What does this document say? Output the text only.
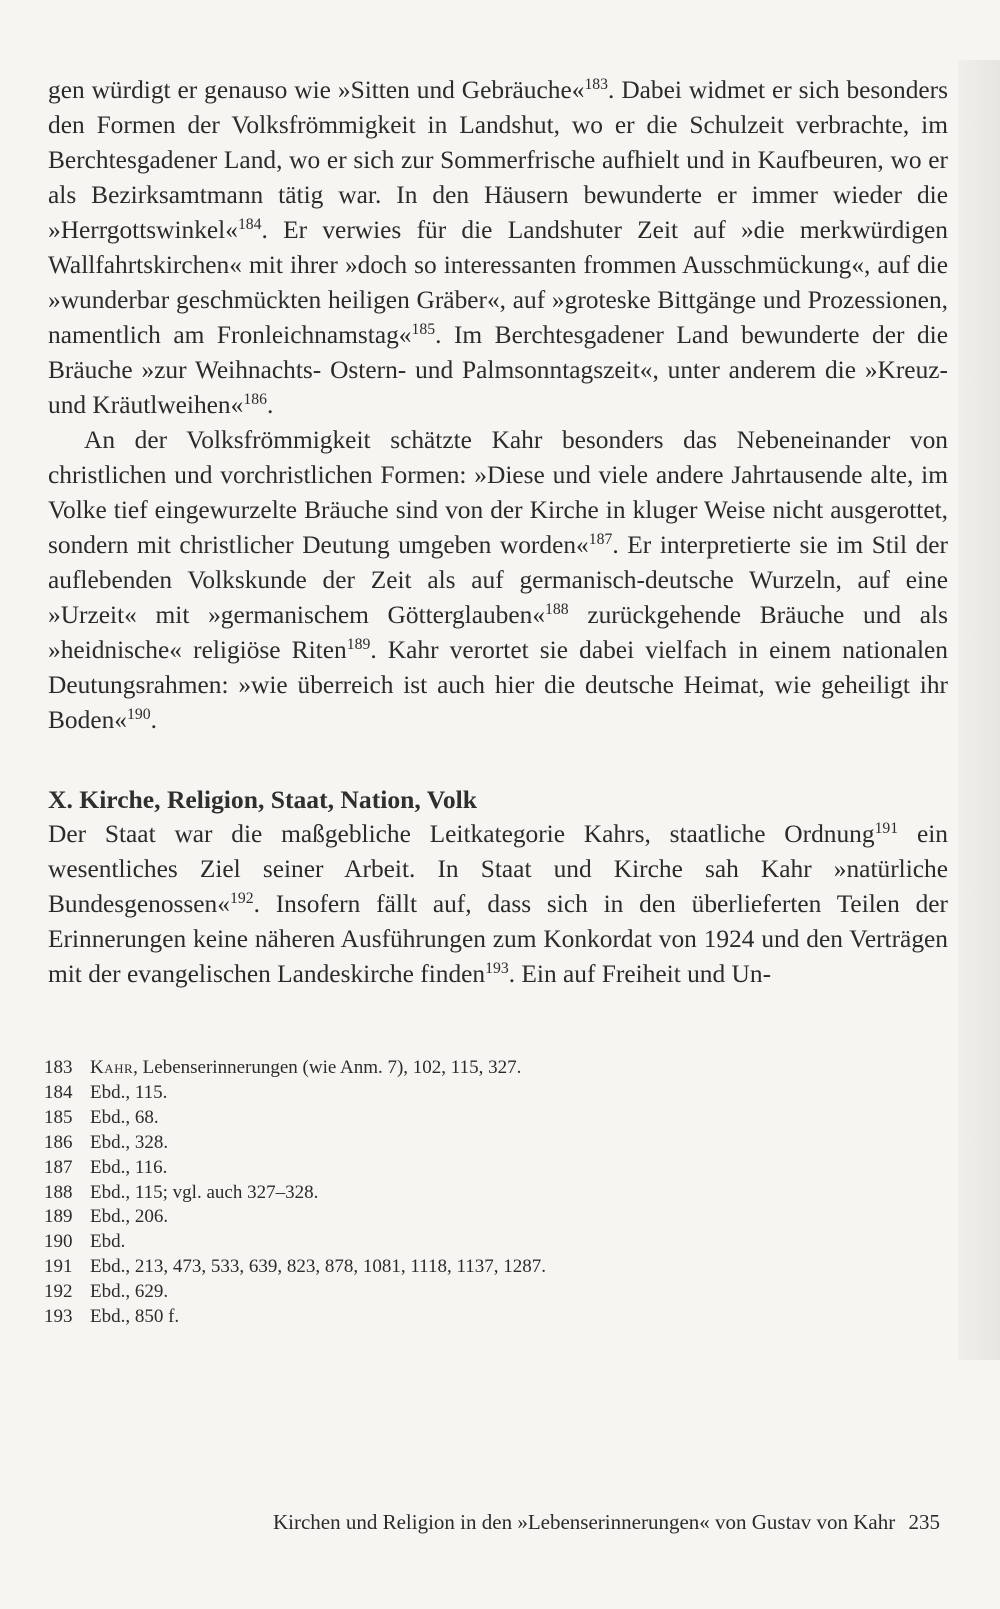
gen würdigt er genauso wie »Sitten und Gebräuche«$^{183}$. Dabei widmet er sich besonders den Formen der Volksfrömmigkeit in Landshut, wo er die Schulzeit verbrachte, im Berchtesgadener Land, wo er sich zur Sommerfrische aufhielt und in Kaufbeuren, wo er als Bezirksamtmann tätig war. In den Häusern bewunderte er immer wieder die »Herrgottswinkel«$^{184}$. Er verwies für die Landshuter Zeit auf »die merkwürdigen Wallfahrtskirchen« mit ihrer »doch so interessanten frommen Ausschmückung«, auf die »wunderbar geschmückten heiligen Gräber«, auf »groteske Bittgänge und Prozessionen, namentlich am Fronleichnamstag«$^{185}$. Im Berchtesgadener Land bewunderte der die Bräuche »zur Weihnachts- Ostern- und Palmsonntagszeit«, unter anderem die »Kreuz- und Kräutlweihen«$^{186}$.

An der Volksfrömmigkeit schätzte Kahr besonders das Nebeneinander von christlichen und vorchristlichen Formen: »Diese und viele andere Jahrtausende alte, im Volke tief eingewurzelte Bräuche sind von der Kirche in kluger Weise nicht ausgerottet, sondern mit christlicher Deutung umgeben worden«$^{187}$. Er interpretierte sie im Stil der auflebenden Volkskunde der Zeit als auf germanisch-deutsche Wurzeln, auf eine »Urzeit« mit »germanischem Götterglauben«$^{188}$ zurückgehende Bräuche und als »heidnische« religiöse Riten$^{189}$. Kahr verortet sie dabei vielfach in einem nationalen Deutungsrahmen: »wie überreich ist auch hier die deutsche Heimat, wie geheiligt ihr Boden«$^{190}$.

X. Kirche, Religion, Staat, Nation, Volk

Der Staat war die maßgebliche Leitkategorie Kahrs, staatliche Ordnung$^{191}$ ein wesentliches Ziel seiner Arbeit. In Staat und Kirche sah Kahr »natürliche Bundesgenossen«$^{192}$. Insofern fällt auf, dass sich in den überlieferten Teilen der Erinnerungen keine näheren Ausführungen zum Konkordat von 1924 und den Verträgen mit der evangelischen Landeskirche finden$^{193}$. Ein auf Freiheit und Un-

183 Kahr, Lebenserinnerungen (wie Anm. 7), 102, 115, 327.
184 Ebd., 115.
185 Ebd., 68.
186 Ebd., 328.
187 Ebd., 116.
188 Ebd., 115; vgl. auch 327–328.
189 Ebd., 206.
190 Ebd.
191 Ebd., 213, 473, 533, 639, 823, 878, 1081, 1118, 1137, 1287.
192 Ebd., 629.
193 Ebd., 850 f.
Kirchen und Religion in den »Lebenserinnerungen« von Gustav von Kahr 235
